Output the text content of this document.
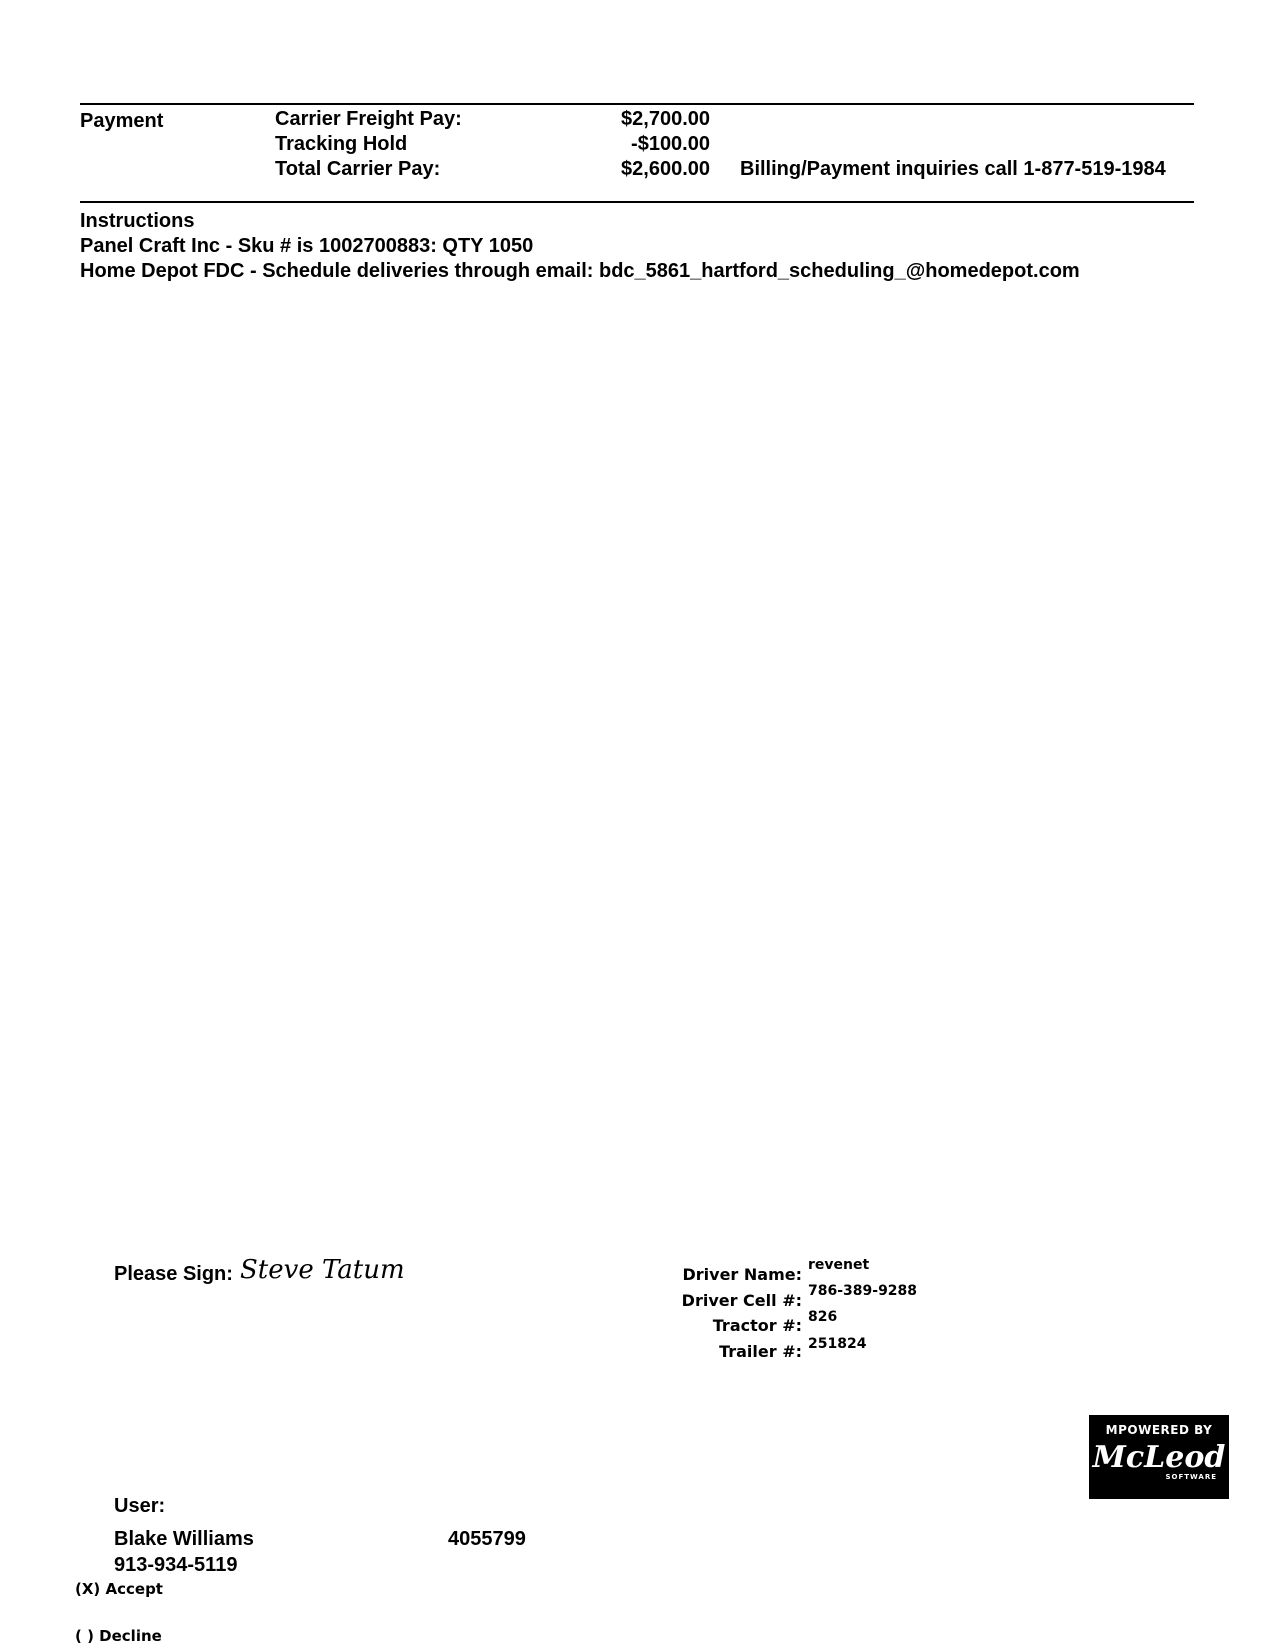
Payment	Carrier Freight Pay:	$2,700.00
Tracking Hold	-$100.00
Total Carrier Pay:	$2,600.00 Billing/Payment inquiries call 1-877-519-1984
Instructions
Panel Craft Inc - Sku # is 1002700883: QTY 1050
Home Depot FDC - Schedule deliveries through email: bdc_5861_hartford_scheduling_@homedepot.com
Please Sign: Steve Tatum	Driver Name: revenet
Driver Cell #: 786-389-9288
Tractor #: 826
Trailer #: 251824
MPOWERED BY
McLeod
SOFTWARE
User:
Blake Williams	4055799
913-934-5119
(X) Accept
( ) Decline
